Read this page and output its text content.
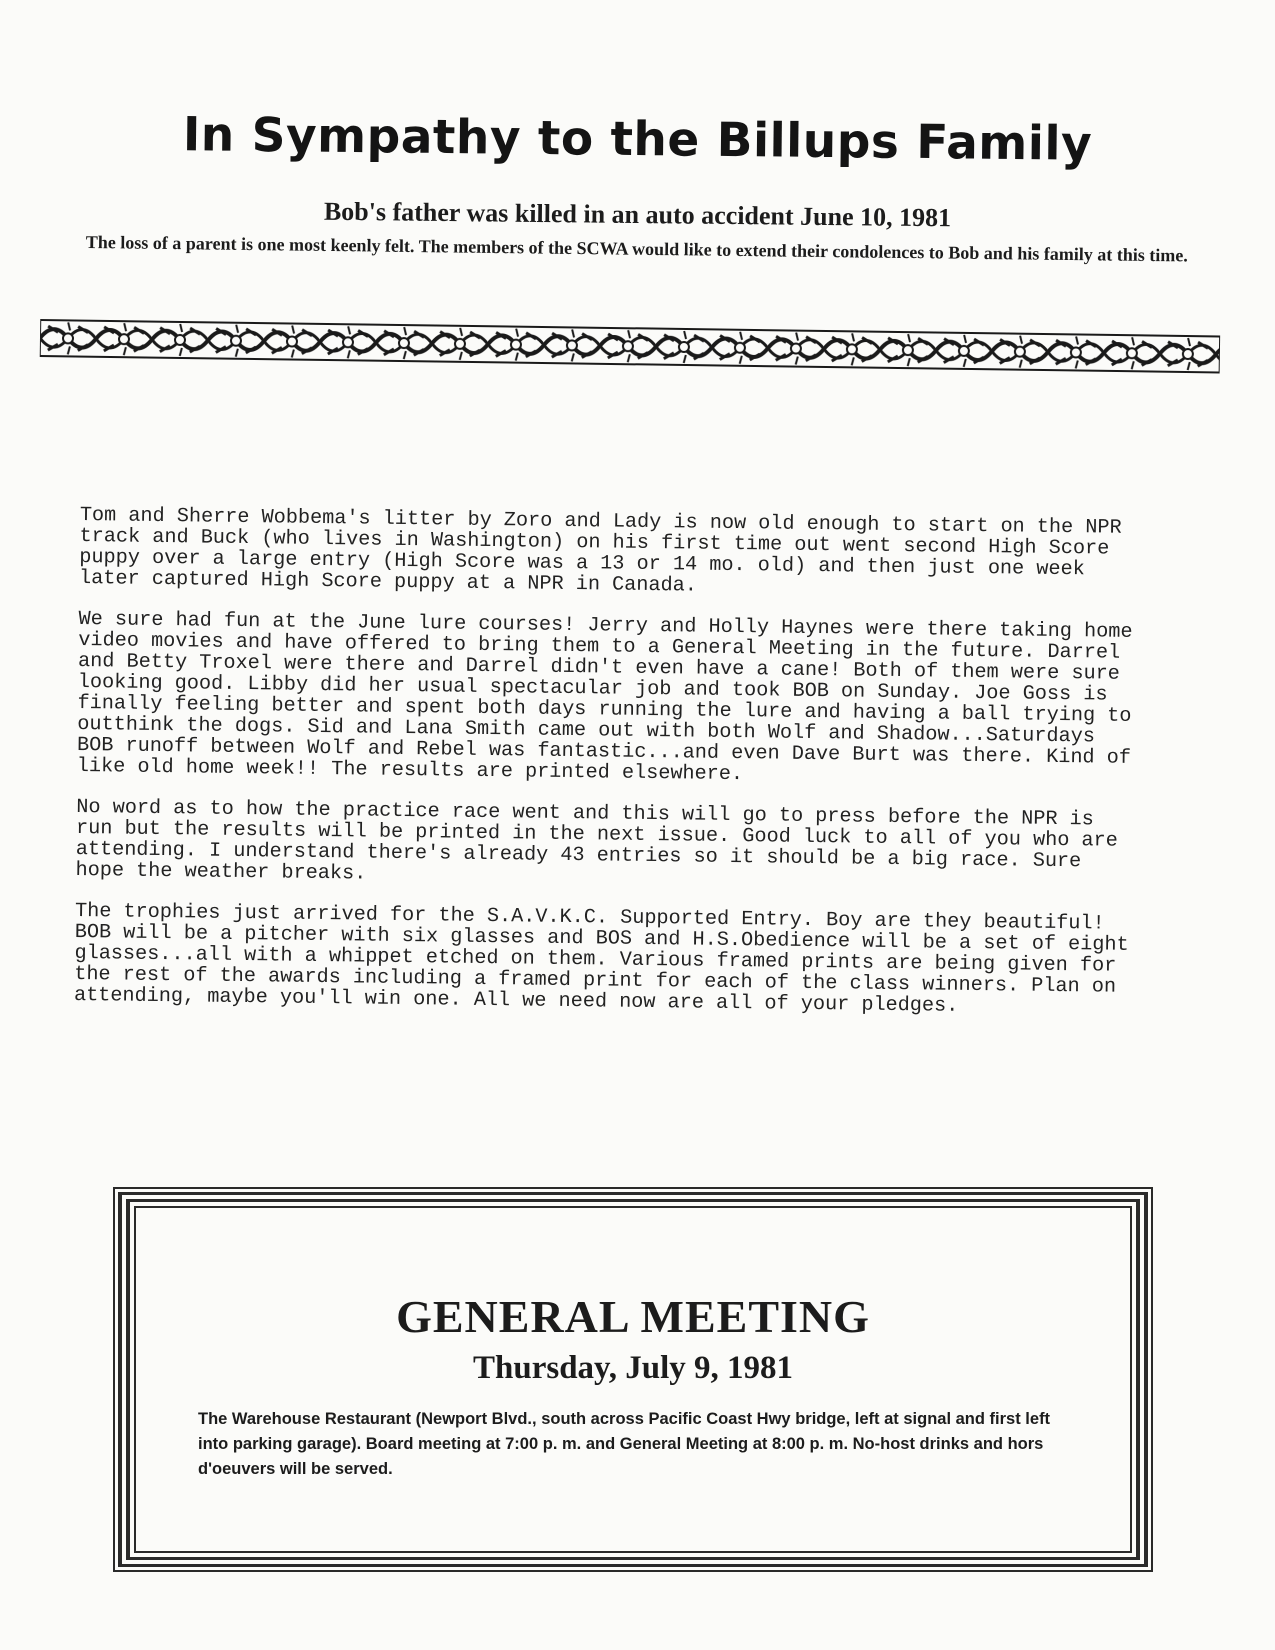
In Sympathy to the Billups Family
Bob's father was killed in an auto accident June 10, 1981
The loss of a parent is one most keenly felt. The members of the SCWA would like to extend their condolences to Bob and his family at this time.

Tom and Sherre Wobbema's litter by Zoro and Lady is now old enough to start on the NPR track and Buck (who lives in Washington) on his first time out went second High Score puppy over a large entry (High Score was a 13 or 14 mo. old) and then just one week later captured High Score puppy at a NPR in Canada.

We sure had fun at the June lure courses! Jerry and Holly Haynes were there taking home video movies and have offered to bring them to a General Meeting in the future. Darrel and Betty Troxel were there and Darrel didn't even have a cane! Both of them were sure looking good. Libby did her usual spectacular job and took BOB on Sunday. Joe Goss is finally feeling better and spent both days running the lure and having a ball trying to outthink the dogs. Sid and Lana Smith came out with both Wolf and Shadow...Saturdays BOB runoff between Wolf and Rebel was fantastic...and even Dave Burt was there. Kind of like old home week!! The results are printed elsewhere.

No word as to how the practice race went and this will go to press before the NPR is run but the results will be printed in the next issue. Good luck to all of you who are attending. I understand there's already 43 entries so it should be a big race. Sure hope the weather breaks.

The trophies just arrived for the S.A.V.K.C. Supported Entry. Boy are they beautiful! BOB will be a pitcher with six glasses and BOS and H.S.Obedience will be a set of eight glasses...all with a whippet etched on them. Various framed prints are being given for the rest of the awards including a framed print for each of the class winners. Plan on attending, maybe you'll win one. All we need now are all of your pledges.

GENERAL MEETING
Thursday, July 9, 1981
The Warehouse Restaurant (Newport Blvd., south across Pacific Coast Hwy bridge, left at signal and first left into parking garage). Board meeting at 7:00 p. m. and General Meeting at 8:00 p. m. No-host drinks and hors d'oeuvers will be served.
